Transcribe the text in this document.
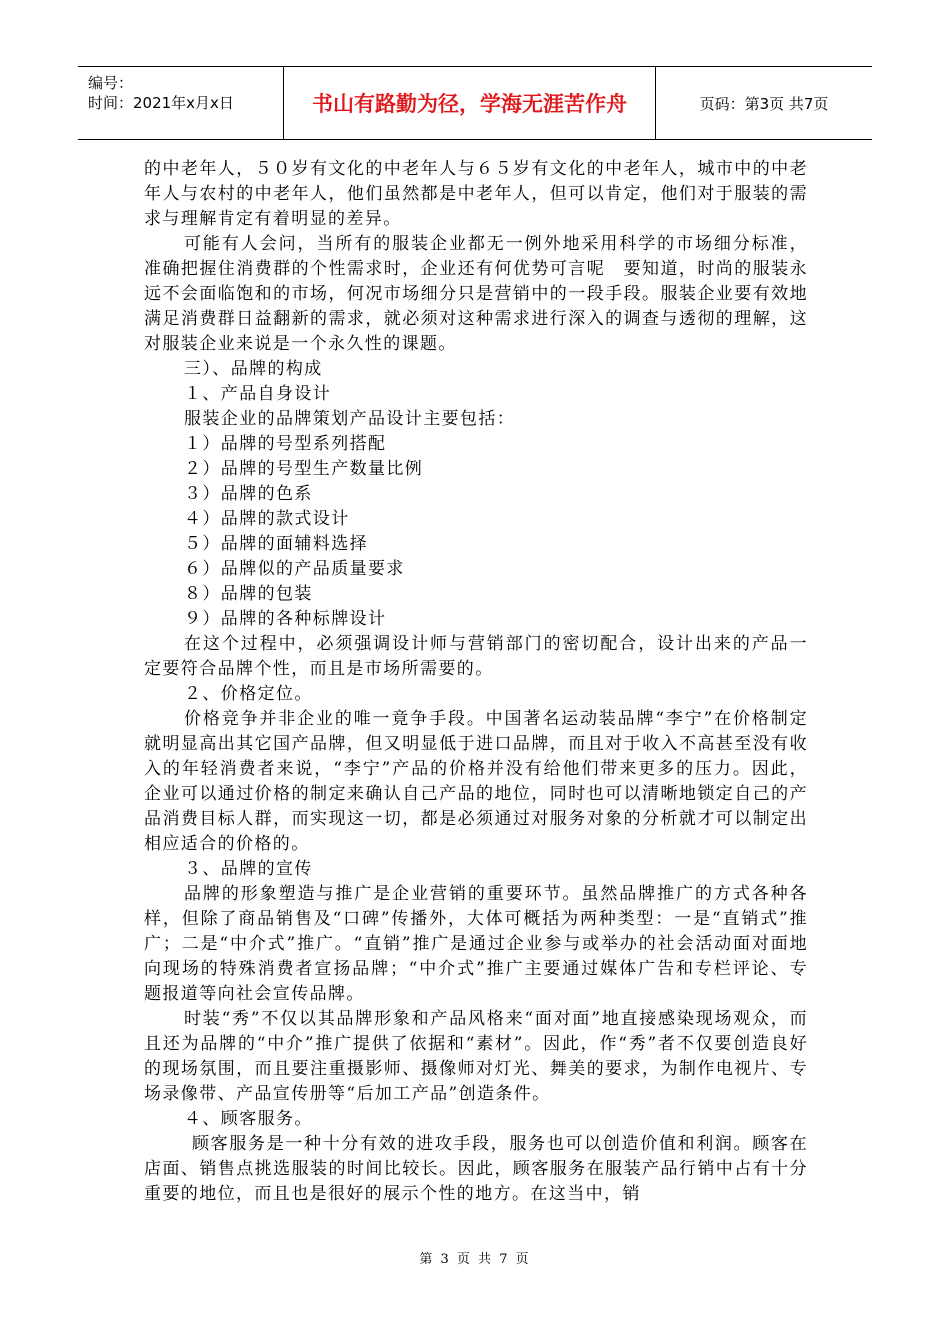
编号：
时间：2021年x月x日	书山有路勤为径，学海无涯苦作舟	页码：第3页 共7页

的中老年人，５０岁有文化的中老年人与６５岁有文化的中老年人，城市中的中老年人与农村的中老年人，他们虽然都是中老年人，但可以肯定，他们对于服装的需求与理解肯定有着明显的差异。

可能有人会问，当所有的服装企业都无一例外地采用科学的市场细分标准，准确把握住消费群的个性需求时，企业还有何优势可言呢　要知道，时尚的服装永远不会面临饱和的市场，何况市场细分只是营销中的一段手段。服装企业要有效地满足消费群日益翻新的需求，就必须对这种需求进行深入的调查与透彻的理解，这对服装企业来说是一个永久性的课题。

三）、品牌的构成

１、产品自身设计

服装企业的品牌策划产品设计主要包括：

１）品牌的号型系列搭配

２）品牌的号型生产数量比例

３）品牌的色系

４）品牌的款式设计

５）品牌的面辅料选择

６）品牌似的产品质量要求

８）品牌的包装

９）品牌的各种标牌设计

在这个过程中，必须强调设计师与营销部门的密切配合，设计出来的产品一定要符合品牌个性，而且是市场所需要的。

２、价格定位。

价格竞争并非企业的唯一竟争手段。中国著名运动装品牌“李宁”在价格制定就明显高出其它国产品牌，但又明显低于进口品牌，而且对于收入不高甚至没有收入的年轻消费者来说，“李宁”产品的价格并没有给他们带来更多的压力。因此，企业可以通过价格的制定来确认自己产品的地位，同时也可以清晰地锁定自己的产品消费目标人群，而实现这一切，都是必须通过对服务对象的分析就才可以制定出相应适合的价格的。

３、品牌的宣传

品牌的形象塑造与推广是企业营销的重要环节。虽然品牌推广的方式各种各样，但除了商品销售及“口碑”传播外，大体可概括为两种类型：一是“直销式”推广；二是“中介式”推广。“直销”推广是通过企业参与或举办的社会活动面对面地向现场的特殊消费者宣扬品牌；“中介式”推广主要通过媒体广告和专栏评论、专题报道等向社会宣传品牌。

时装“秀”不仅以其品牌形象和产品风格来“面对面”地直接感染现场观众，而且还为品牌的“中介”推广提供了依据和“素材”。因此，作“秀”者不仅要创造良好的现场氛围，而且要注重摄影师、摄像师对灯光、舞美的要求，为制作电视片、专场录像带、产品宣传册等“后加工产品”创造条件。

４、顾客服务。

顾客服务是一种十分有效的进攻手段，服务也可以创造价值和利润。顾客在店面、销售点挑选服装的时间比较长。因此，顾客服务在服装产品行销中占有十分重要的地位，而且也是很好的展示个性的地方。在这当中，销

第 3 页 共 7 页
